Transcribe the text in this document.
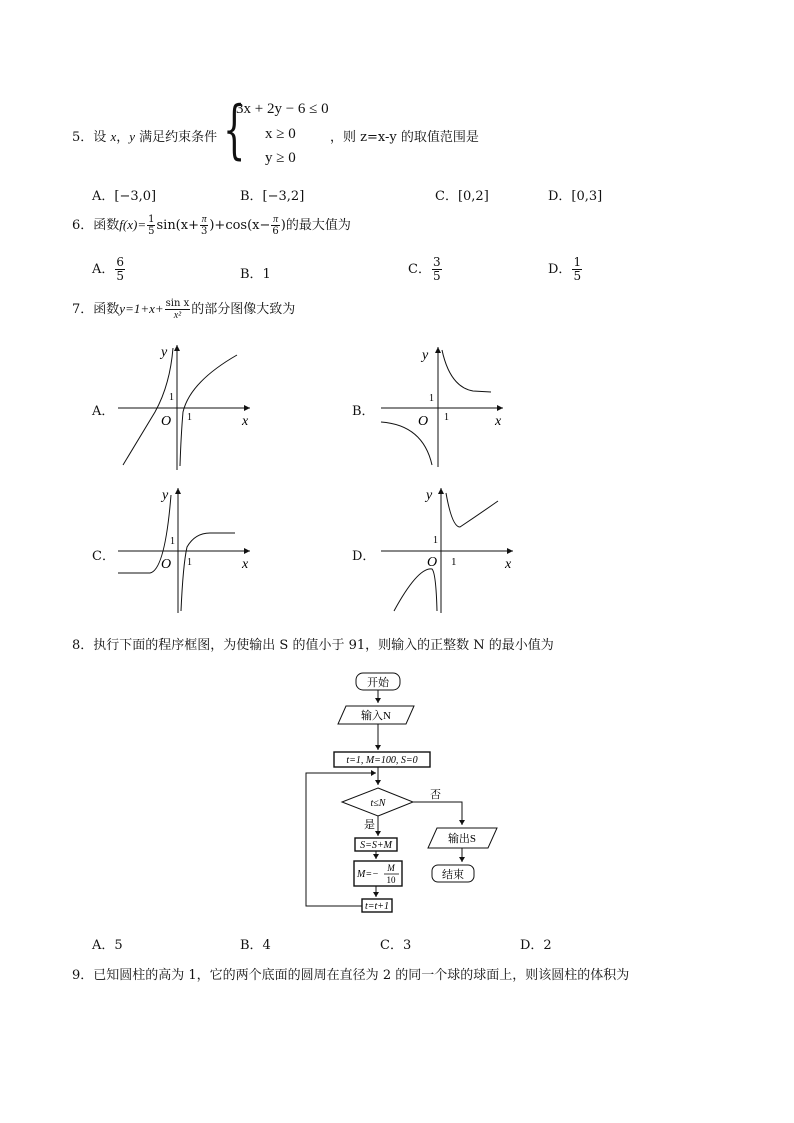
5．设 x，y 满足约束条件 {
3x + 2y − 6 ≤ 0
x ≥ 0
y ≥ 0
，则 z=x-y 的取值范围是
A．[−3,0]	B．[−3,2]	C．[0,2]	D．[0,3]
6．函数$f(x)= \frac{1}{5} \sin(x+ \frac{\pi}{3} )+\cos(x- \frac{\pi}{6}$ )的最大值为
A． $\frac{6}{5}$	B．1	C． $\frac{3}{5}$	D． $\frac{1}{5}$
7．函数$y=1+x+ \frac{\text{sin x}}{\text{x²}}$ 的部分图像大致为
A．	B．
C．	D．
y
x
O
1
1
y
x
O
1
1
y
x
O
1
1
y
x
O
1
1
8．执行下面的程序框图，为使输出 S 的值小于 91，则输入的正整数 N 的最小值为
开始
输入N
t=1, M=100, S=0
t≤N
否
输出S
结束
是
S=S+M
M=−
M
10
t=t+1
A．5	B．4	C．3	D．2
9．已知圆柱的高为 1，它的两个底面的圆周在直径为 2 的同一个球的球面上，则该圆柱的体积为
